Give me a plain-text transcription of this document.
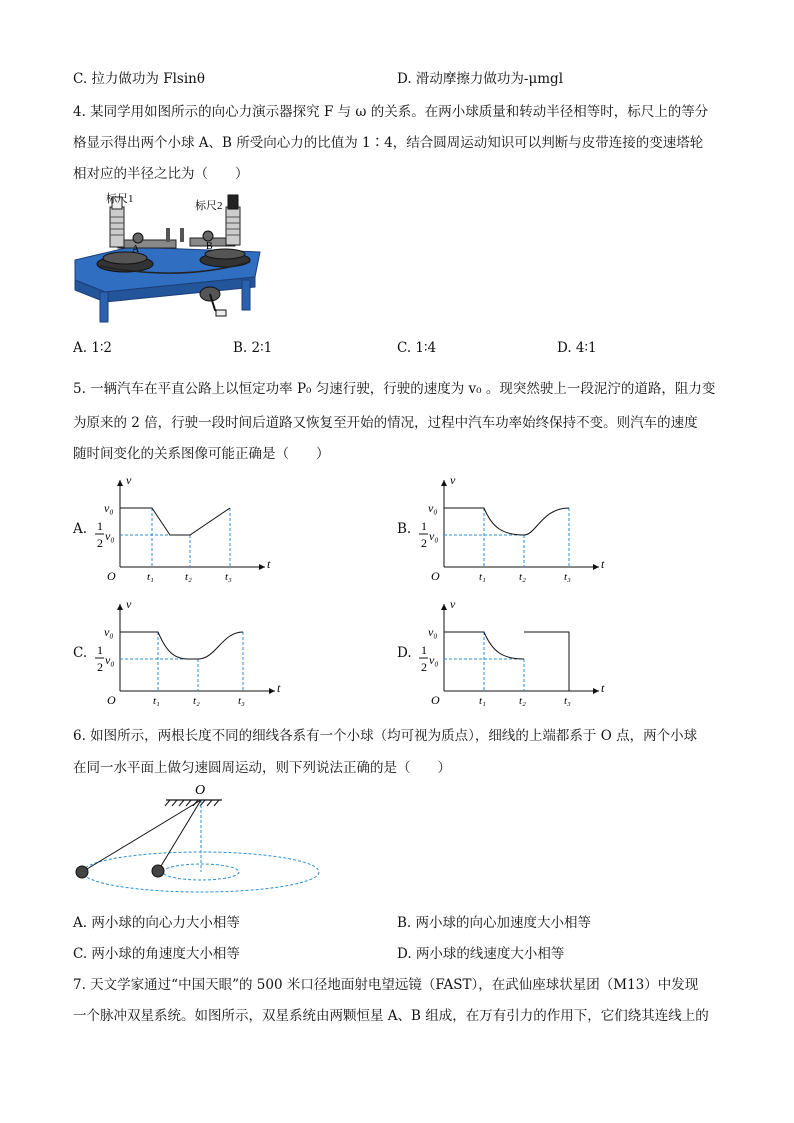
C. 拉力做功为 Flsinθ	D. 滑动摩擦力做功为-μmgl
4. 某同学用如图所示的向心力演示器探究 F 与 ω 的关系。在两小球质量和转动半径相等时，标尺上的等分
格显示得出两个小球 A、B 所受向心力的比值为 1∶4，结合圆周运动知识可以判断与皮带连接的变速塔轮
相对应的半径之比为（　　）
标尺1
标尺2
A	B
A. 1∶2	B. 2∶1	C. 1∶4	D. 4∶1
5. 一辆汽车在平直公路上以恒定功率 P₀ 匀速行驶，行驶的速度为 v₀ 。现突然驶上一段泥泞的道路，阻力变
为原来的 2 倍，行驶一段时间后道路又恢复至开始的情况，过程中汽车功率始终保持不变。则汽车的速度
随时间变化的关系图像可能正确是（　　）
A.
v
t
O
v₀
1
2 v₀
t₁	t₂	t₃
B.
v
t
O
v₀
1
2 v₀
t₁	t₂	t₃
C.
v
t
O
v₀
1
2 v₀
t₁	t₂	t₃
D.
v
t
O
v₀
1
2 v₀
t₁	t₂	t₃
6. 如图所示，两根长度不同的细线各系有一个小球（均可视为质点），细线的上端都系于 O 点，两个小球
在同一水平面上做匀速圆周运动，则下列说法正确的是（　　）
O
A. 两小球的向心力大小相等	B. 两小球的向心加速度大小相等
C. 两小球的角速度大小相等	D. 两小球的线速度大小相等
7. 天文学家通过“中国天眼”的 500 米口径地面射电望远镜（FAST），在武仙座球状星团（M13）中发现
一个脉冲双星系统。如图所示，双星系统由两颗恒星 A、B 组成，在万有引力的作用下，它们绕其连线上的
